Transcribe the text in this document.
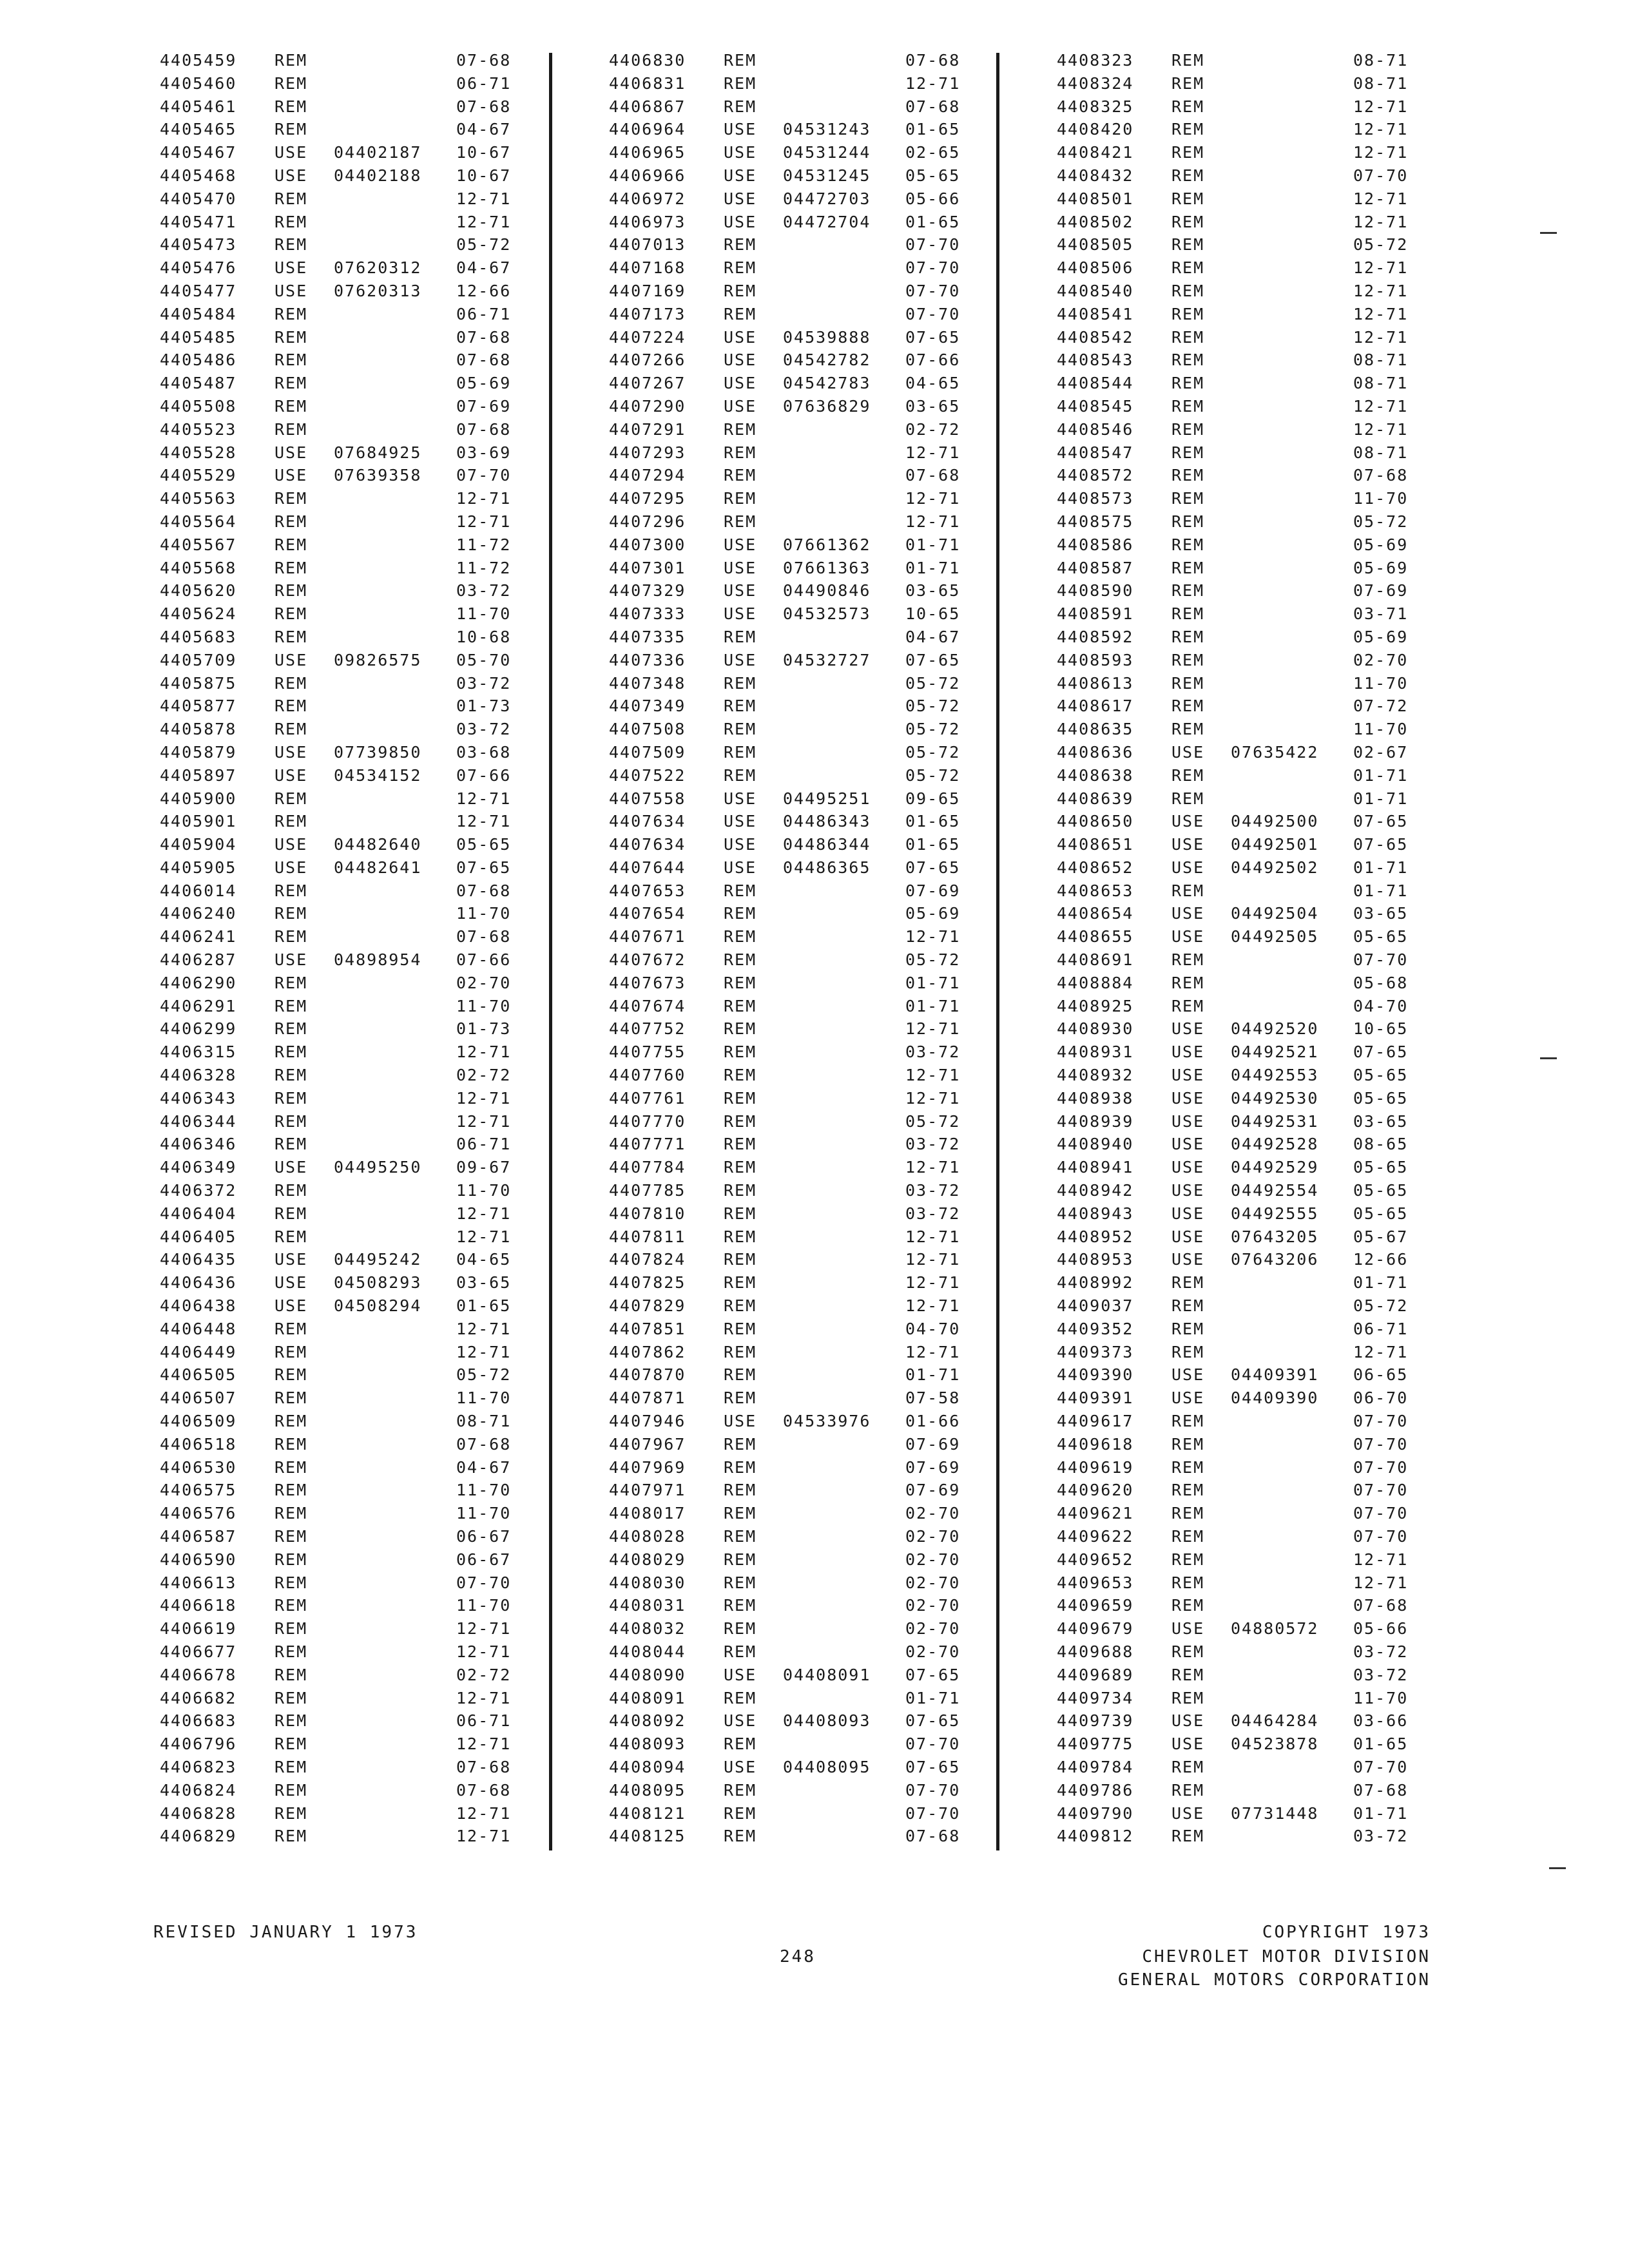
4405459 REM	07-68
4405460 REM	06-71
4405461 REM	07-68
4405465 REM	04-67
4405467 USE 04402187 10-67
4405468 USE 04402188 10-67
4405470 REM	12-71
4405471 REM	12-71
4405473 REM	05-72
4405476 USE 07620312 04-67
4405477 USE 07620313 12-66
4405484 REM	06-71
4405485 REM	07-68
4405486 REM	07-68
4405487 REM	05-69
4405508 REM	07-69
4405523 REM	07-68
4405528 USE 07684925 03-69
4405529 USE 07639358 07-70
4405563 REM	12-71
4405564 REM	12-71
4405567 REM	11-72
4405568 REM	11-72
4405620 REM	03-72
4405624 REM	11-70
4405683 REM	10-68
4405709 USE 09826575 05-70
4405875 REM	03-72
4405877 REM	01-73
4405878 REM	03-72
4405879 USE 07739850 03-68
4405897 USE 04534152 07-66
4405900 REM	12-71
4405901 REM	12-71
4405904 USE 04482640 05-65
4405905 USE 04482641 07-65
4406014 REM	07-68
4406240 REM	11-70
4406241 REM	07-68
4406287 USE 04898954 07-66
4406290 REM	02-70
4406291 REM	11-70
4406299 REM	01-73
4406315 REM	12-71
4406328 REM	02-72
4406343 REM	12-71
4406344 REM	12-71
4406346 REM	06-71
4406349 USE 04495250 09-67
4406372 REM	11-70
4406404 REM	12-71
4406405 REM	12-71
4406435 USE 04495242 04-65
4406436 USE 04508293 03-65
4406438 USE 04508294 01-65
4406448 REM	12-71
4406449 REM	12-71
4406505 REM	05-72
4406507 REM	11-70
4406509 REM	08-71
4406518 REM	07-68
4406530 REM	04-67
4406575 REM	11-70
4406576 REM	11-70
4406587 REM	06-67
4406590 REM	06-67
4406613 REM	07-70
4406618 REM	11-70
4406619 REM	12-71
4406677 REM	12-71
4406678 REM	02-72
4406682 REM	12-71
4406683 REM	06-71
4406796 REM	12-71
4406823 REM	07-68
4406824 REM	07-68
4406828 REM	12-71
4406829 REM	12-71
4406830 REM	07-68
4406831 REM	12-71
4406867 REM	07-68
4406964 USE 04531243 01-65
4406965 USE 04531244 02-65
4406966 USE 04531245 05-65
4406972 USE 04472703 05-66
4406973 USE 04472704 01-65
4407013 REM	07-70
4407168 REM	07-70
4407169 REM	07-70
4407173 REM	07-70
4407224 USE 04539888 07-65
4407266 USE 04542782 07-66
4407267 USE 04542783 04-65
4407290 USE 07636829 03-65
4407291 REM	02-72
4407293 REM	12-71
4407294 REM	07-68
4407295 REM	12-71
4407296 REM	12-71
4407300 USE 07661362 01-71
4407301 USE 07661363 01-71
4407329 USE 04490846 03-65
4407333 USE 04532573 10-65
4407335 REM	04-67
4407336 USE 04532727 07-65
4407348 REM	05-72
4407349 REM	05-72
4407508 REM	05-72
4407509 REM	05-72
4407522 REM	05-72
4407558 USE 04495251 09-65
4407634 USE 04486343 01-65
4407634 USE 04486344 01-65
4407644 USE 04486365 07-65
4407653 REM	07-69
4407654 REM	05-69
4407671 REM	12-71
4407672 REM	05-72
4407673 REM	01-71
4407674 REM	01-71
4407752 REM	12-71
4407755 REM	03-72
4407760 REM	12-71
4407761 REM	12-71
4407770 REM	05-72
4407771 REM	03-72
4407784 REM	12-71
4407785 REM	03-72
4407810 REM	03-72
4407811 REM	12-71
4407824 REM	12-71
4407825 REM	12-71
4407829 REM	12-71
4407851 REM	04-70
4407862 REM	12-71
4407870 REM	01-71
4407871 REM	07-58
4407946 USE 04533976 01-66
4407967 REM	07-69
4407969 REM	07-69
4407971 REM	07-69
4408017 REM	02-70
4408028 REM	02-70
4408029 REM	02-70
4408030 REM	02-70
4408031 REM	02-70
4408032 REM	02-70
4408044 REM	02-70
4408090 USE 04408091 07-65
4408091 REM	01-71
4408092 USE 04408093 07-65
4408093 REM	07-70
4408094 USE 04408095 07-65
4408095 REM	07-70
4408121 REM	07-70
4408125 REM	07-68
4408323 REM	08-71
4408324 REM	08-71
4408325 REM	12-71
4408420 REM	12-71
4408421 REM	12-71
4408432 REM	07-70
4408501 REM	12-71
4408502 REM	12-71
4408505 REM	05-72
4408506 REM	12-71
4408540 REM	12-71
4408541 REM	12-71
4408542 REM	12-71
4408543 REM	08-71
4408544 REM	08-71
4408545 REM	12-71
4408546 REM	12-71
4408547 REM	08-71
4408572 REM	07-68
4408573 REM	11-70
4408575 REM	05-72
4408586 REM	05-69
4408587 REM	05-69
4408590 REM	07-69
4408591 REM	03-71
4408592 REM	05-69
4408593 REM	02-70
4408613 REM	11-70
4408617 REM	07-72
4408635 REM	11-70
4408636 USE 07635422 02-67
4408638 REM	01-71
4408639 REM	01-71
4408650 USE 04492500 07-65
4408651 USE 04492501 07-65
4408652 USE 04492502 01-71
4408653 REM	01-71
4408654 USE 04492504 03-65
4408655 USE 04492505 05-65
4408691 REM	07-70
4408884 REM	05-68
4408925 REM	04-70
4408930 USE 04492520 10-65
4408931 USE 04492521 07-65
4408932 USE 04492553 05-65
4408938 USE 04492530 05-65
4408939 USE 04492531 03-65
4408940 USE 04492528 08-65
4408941 USE 04492529 05-65
4408942 USE 04492554 05-65
4408943 USE 04492555 05-65
4408952 USE 07643205 05-67
4408953 USE 07643206 12-66
4408992 REM	01-71
4409037 REM	05-72
4409352 REM	06-71
4409373 REM	12-71
4409390 USE 04409391 06-65
4409391 USE 04409390 06-70
4409617 REM	07-70
4409618 REM	07-70
4409619 REM	07-70
4409620 REM	07-70
4409621 REM	07-70
4409622 REM	07-70
4409652 REM	12-71
4409653 REM	12-71
4409659 REM	07-68
4409679 USE 04880572 05-66
4409688 REM	03-72
4409689 REM	03-72
4409734 REM	11-70
4409739 USE 04464284 03-66
4409775 USE 04523878 01-65
4409784 REM	07-70
4409786 REM	07-68
4409790 USE 07731448 01-71
4409812 REM	03-72
REVISED JANUARY 1 1973
248
COPYRIGHT 1973
CHEVROLET MOTOR DIVISION
GENERAL MOTORS CORPORATION
